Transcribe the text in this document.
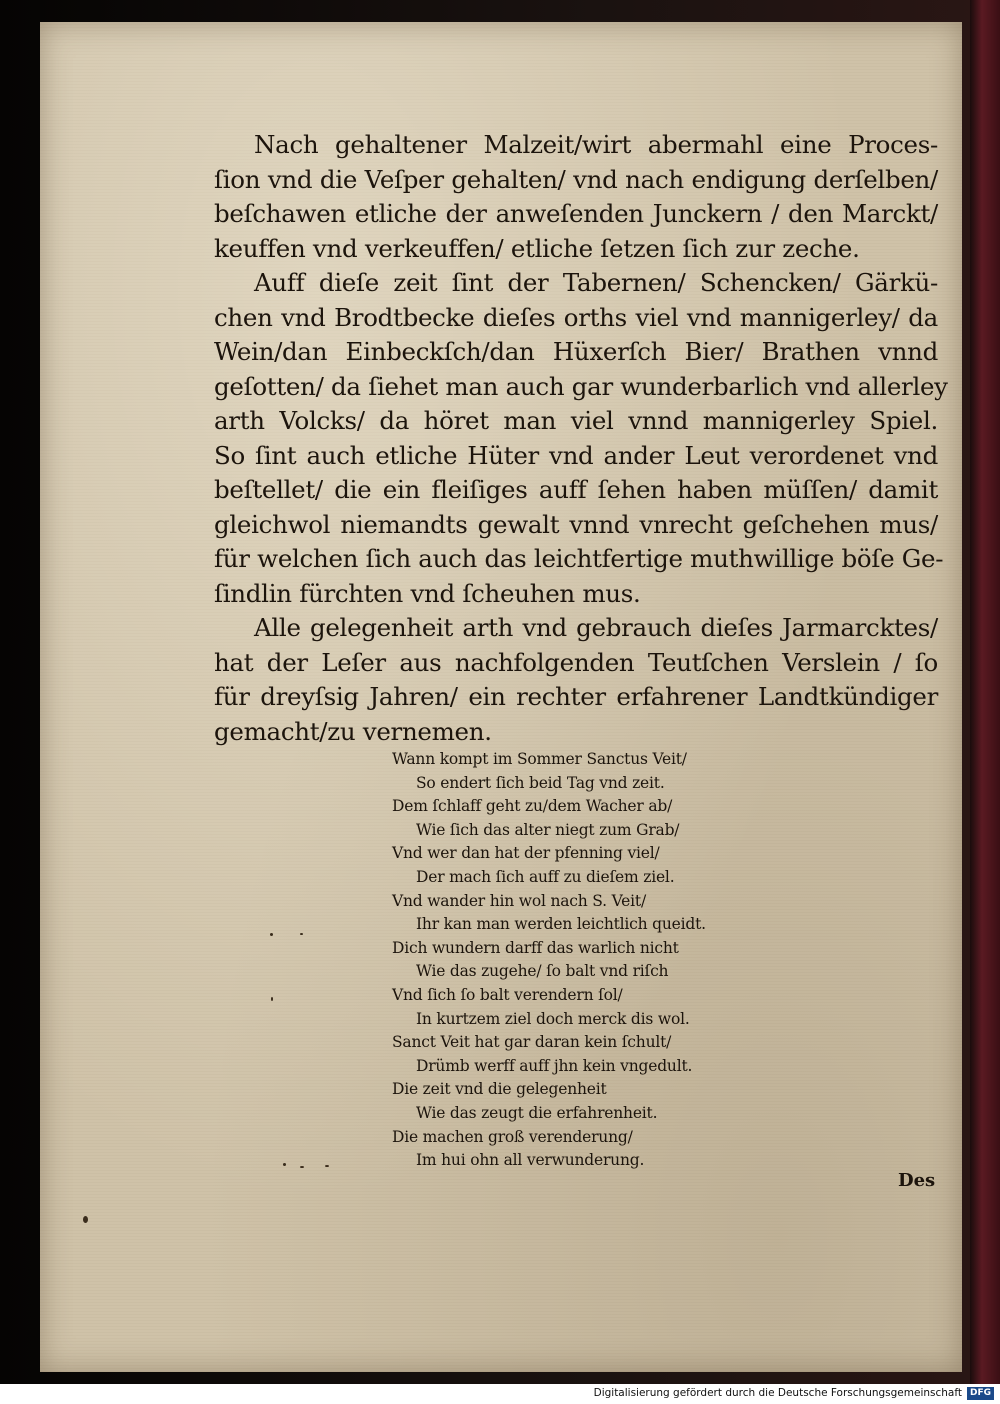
Nach gehaltener Malzeit/wirt abermahl eine Proces-
ſion vnd die Veſper gehalten/ vnd nach endigung derſelben/
beſchawen etliche der anweſenden Junckern / den Marckt/
keuffen vnd verkeuffen/ etliche ſetzen ſich zur zeche.
Auff dieſe zeit ſint der Tabernen/ Schencken/ Gärkü-
chen vnd Brodtbecke dieſes orths viel vnd mannigerley/ da
Wein/dan Einbeckſch/dan Hüxerſch Bier/ Brathen vnnd
geſotten/ da ſiehet man auch gar wunderbarlich vnd allerley
arth Volcks/ da höret man viel vnnd mannigerley Spiel.
So ſint auch etliche Hüter vnd ander Leut verordenet vnd
beſtellet/ die ein fleiſiges auff ſehen haben müſſen/ damit
gleichwol niemandts gewalt vnnd vnrecht geſchehen mus/
für welchen ſich auch das leichtfertige muthwillige böſe Ge-
ſindlin fürchten vnd ſcheuhen mus.
Alle gelegenheit arth vnd gebrauch dieſes Jarmarcktes/
hat der Leſer aus nachfolgenden Teutſchen Verslein / ſo
für dreyſsig Jahren/ ein rechter erfahrener Landtkündiger
gemacht/zu vernemen.
Wann kompt im Sommer Sanctus Veit/
So endert ſich beid Tag vnd zeit.
Dem ſchlaff geht zu/dem Wacher ab/
Wie ſich das alter niegt zum Grab/
Vnd wer dan hat der pfenning viel/
Der mach ſich auff zu dieſem ziel.
Vnd wander hin wol nach S. Veit/
Ihr kan man werden leichtlich queidt.
Dich wundern darff das warlich nicht
Wie das zugehe/ ſo balt vnd riſch
Vnd ſich ſo balt verendern ſol/
In kurtzem ziel doch merck dis wol.
Sanct Veit hat gar daran kein ſchult/
Drümb werff auff jhn kein vngedult.
Die zeit vnd die gelegenheit
Wie das zeugt die erfahrenheit.
Die machen groß verenderung/
Im hui ohn all verwunderung.
Des
Digitalisierung gefördert durch die Deutsche Forschungsgemeinschaft DFG
